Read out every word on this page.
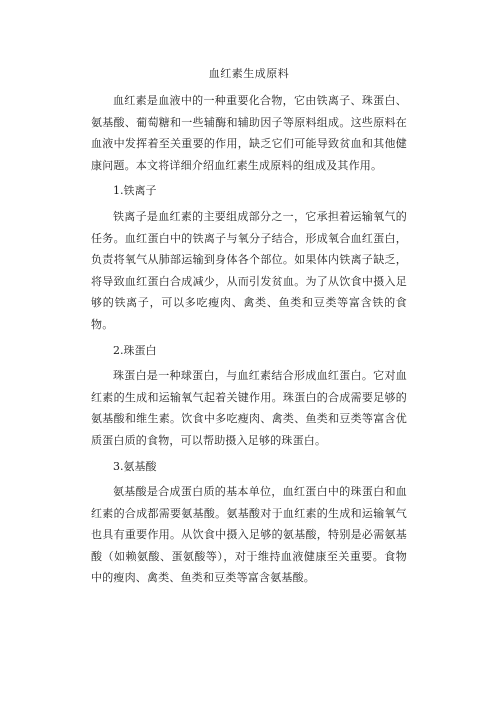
血红素生成原料

血红素是血液中的一种重要化合物，它由铁离子、珠蛋白、氨基酸、葡萄糖和一些辅酶和辅助因子等原料组成。这些原料在血液中发挥着至关重要的作用，缺乏它们可能导致贫血和其他健康问题。本文将详细介绍血红素生成原料的组成及其作用。

1.铁离子

铁离子是血红素的主要组成部分之一，它承担着运输氧气的任务。血红蛋白中的铁离子与氧分子结合，形成氧合血红蛋白，负责将氧气从肺部运输到身体各个部位。如果体内铁离子缺乏，将导致血红蛋白合成减少，从而引发贫血。为了从饮食中摄入足够的铁离子，可以多吃瘦肉、禽类、鱼类和豆类等富含铁的食物。

2.珠蛋白

珠蛋白是一种球蛋白，与血红素结合形成血红蛋白。它对血红素的生成和运输氧气起着关键作用。珠蛋白的合成需要足够的氨基酸和维生素。饮食中多吃瘦肉、禽类、鱼类和豆类等富含优质蛋白质的食物，可以帮助摄入足够的珠蛋白。

3.氨基酸

氨基酸是合成蛋白质的基本单位，血红蛋白中的珠蛋白和血红素的合成都需要氨基酸。氨基酸对于血红素的生成和运输氧气也具有重要作用。从饮食中摄入足够的氨基酸，特别是必需氨基酸（如赖氨酸、蛋氨酸等），对于维持血液健康至关重要。食物中的瘦肉、禽类、鱼类和豆类等富含氨基酸。
